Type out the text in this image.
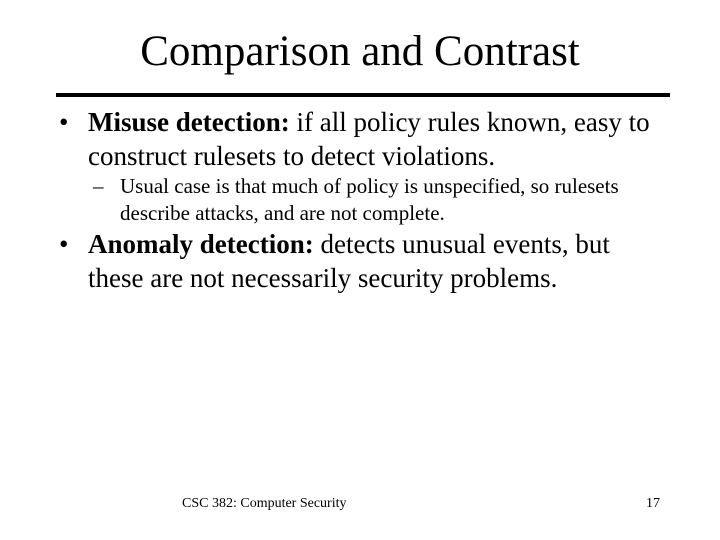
Comparison and Contrast
• Misuse detection: if all policy rules known, easy to construct rulesets to detect violations.
– Usual case is that much of policy is unspecified, so rulesets describe attacks, and are not complete.
• Anomaly detection: detects unusual events, but these are not necessarily security problems.
CSC 382: Computer Security	17
